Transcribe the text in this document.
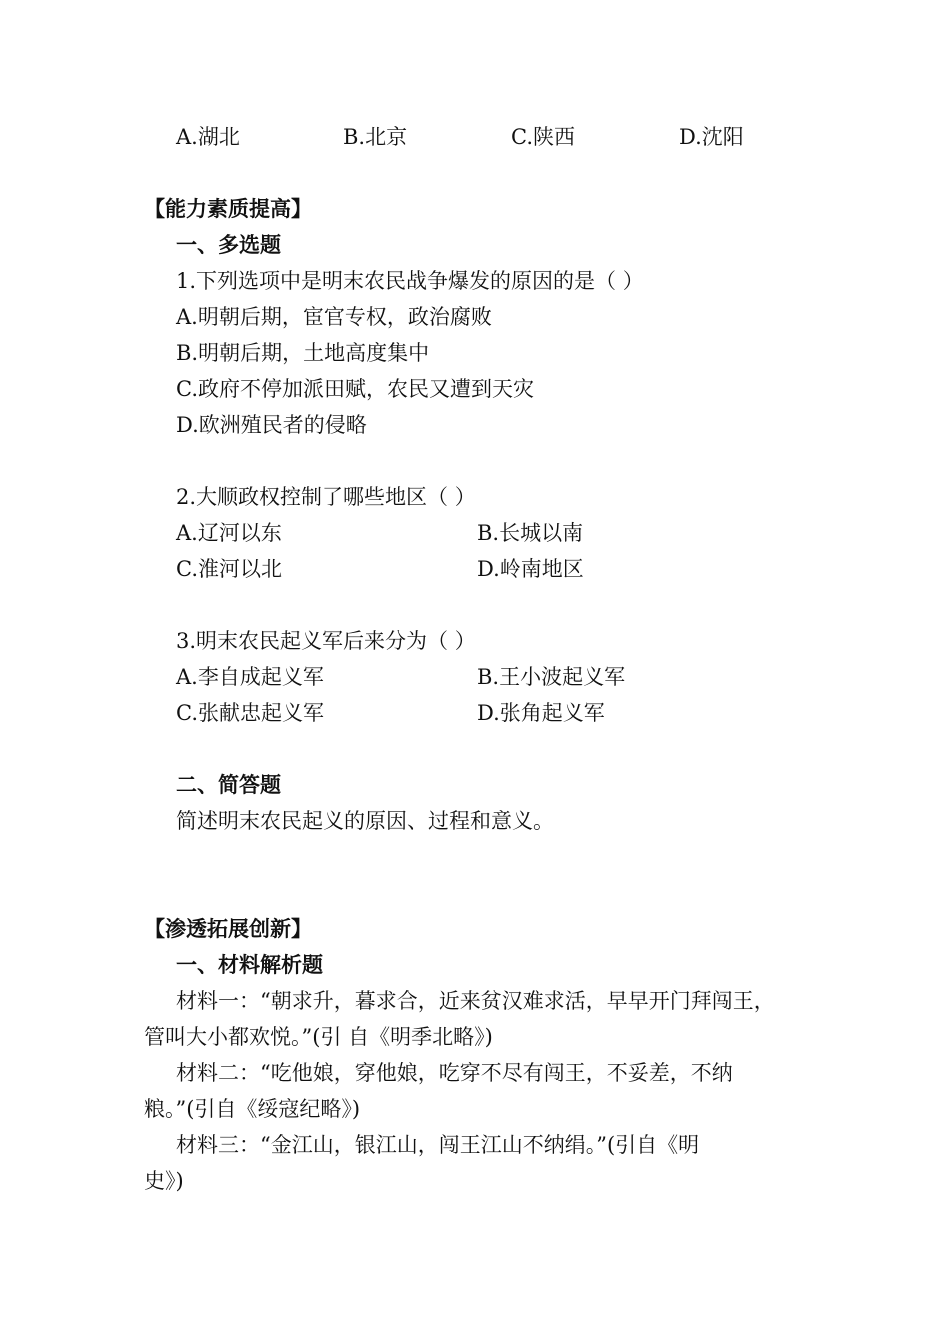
A.湖北	B.北京	C.陕西	D.沈阳
【能力素质提高】
一、多选题
1.下列选项中是明末农民战争爆发的原因的是（ ）
A.明朝后期，宦官专权，政治腐败
B.明朝后期，土地高度集中
C.政府不停加派田赋，农民又遭到天灾
D.欧洲殖民者的侵略
2.大顺政权控制了哪些地区（ ）
A.辽河以东	B.长城以南
C.淮河以北	D.岭南地区
3.明末农民起义军后来分为（ ）
A.李自成起义军	B.王小波起义军
C.张献忠起义军	D.张角起义军
二、简答题
简述明末农民起义的原因、过程和意义。
【渗透拓展创新】
一、材料解析题
材料一：“朝求升，暮求合，近来贫汉难求活，早早开门拜闯王，
管叫大小都欢悦。”(引 自《明季北略》)
材料二：“吃他娘，穿他娘，吃穿不尽有闯王，不妥差，不纳
粮。”(引自《绥寇纪略》)
材料三：“金江山，银江山，闯王江山不纳绢。”(引自《明
史》)
